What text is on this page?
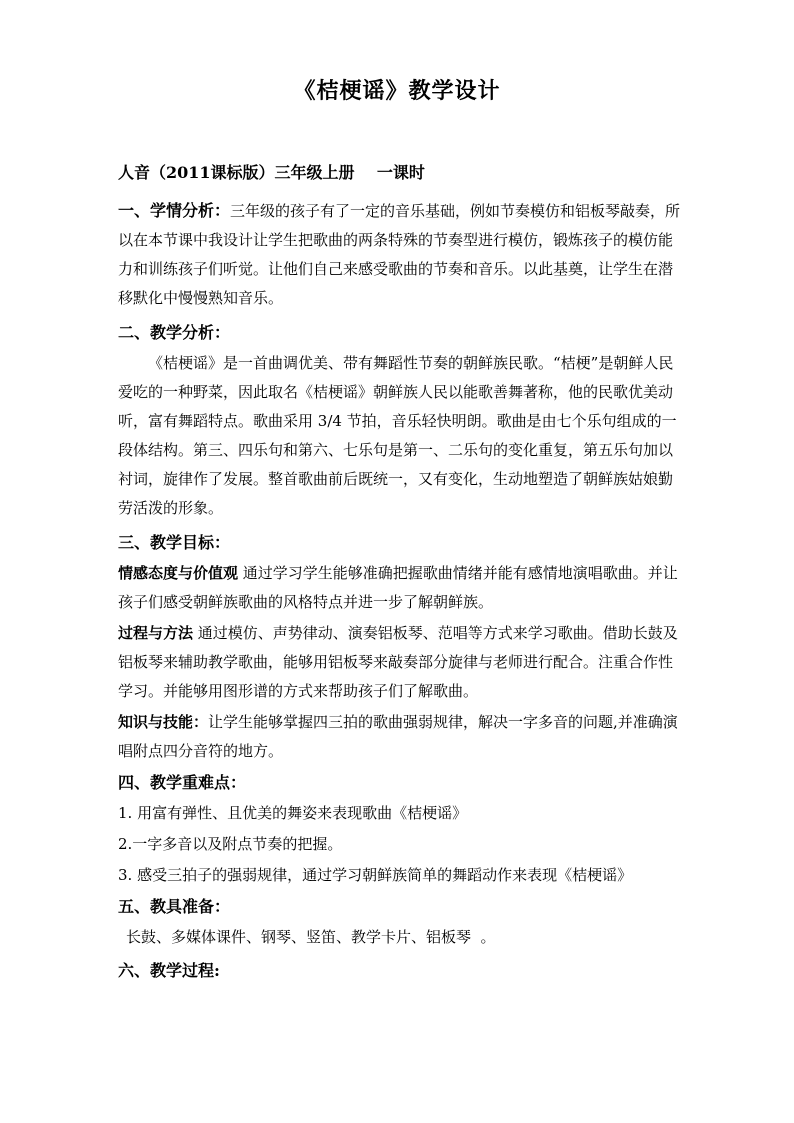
《桔梗谣》教学设计

人音（2011课标版）三年级上册    一课时

一、学情分析：三年级的孩子有了一定的音乐基础，例如节奏模仿和铝板琴敲奏，所以在本节课中我设计让学生把歌曲的两条特殊的节奏型进行模仿，锻炼孩子的模仿能力和训练孩子们听觉。让他们自己来感受歌曲的节奏和音乐。以此基奠，让学生在潜移默化中慢慢熟知音乐。

二、教学分析：

《桔梗谣》是一首曲调优美、带有舞蹈性节奏的朝鲜族民歌。“桔梗”是朝鲜人民爱吃的一种野菜，因此取名《桔梗谣》朝鲜族人民以能歌善舞著称，他的民歌优美动听，富有舞蹈特点。歌曲采用 3/4 节拍，音乐轻快明朗。歌曲是由七个乐句组成的一段体结构。第三、四乐句和第六、七乐句是第一、二乐句的变化重复，第五乐句加以衬词，旋律作了发展。整首歌曲前后既统一，又有变化，生动地塑造了朝鲜族姑娘勤劳活泼的形象。

三、教学目标：

情感态度与价值观 通过学习学生能够准确把握歌曲情绪并能有感情地演唱歌曲。并让孩子们感受朝鲜族歌曲的风格特点并进一步了解朝鲜族。

过程与方法 通过模仿、声势律动、演奏铝板琴、范唱等方式来学习歌曲。借助长鼓及铝板琴来辅助教学歌曲，能够用铝板琴来敲奏部分旋律与老师进行配合。注重合作性学习。并能够用图形谱的方式来帮助孩子们了解歌曲。

知识与技能：让学生能够掌握四三拍的歌曲强弱规律，解决一字多音的问题,并准确演唱附点四分音符的地方。

四、教学重难点：

1. 用富有弹性、且优美的舞姿来表现歌曲《桔梗谣》

2.一字多音以及附点节奏的把握。

3. 感受三拍子的强弱规律，通过学习朝鲜族简单的舞蹈动作来表现《桔梗谣》

五、教具准备：

长鼓、多媒体课件、钢琴、竖笛、教学卡片、铝板琴  。

六、教学过程:
